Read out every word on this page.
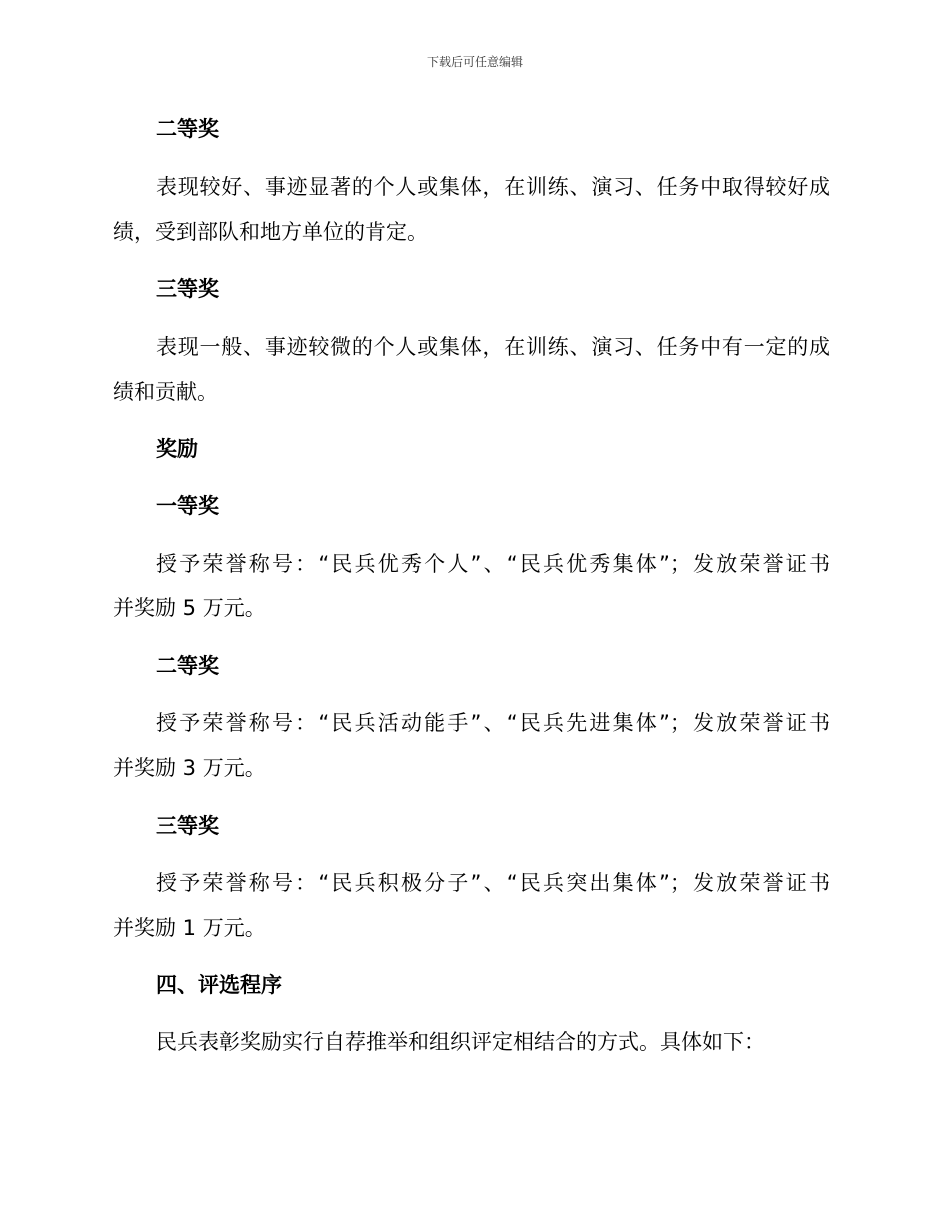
下载后可任意编辑
二等奖
表现较好、事迹显著的个人或集体，在训练、演习、任务中取得较好成
绩，受到部队和地方单位的肯定。
三等奖
表现一般、事迹较微的个人或集体，在训练、演习、任务中有一定的成
绩和贡献。
奖励
一等奖
授予荣誉称号：“民兵优秀个人”、“民兵优秀集体”；发放荣誉证书
并奖励 5 万元。
二等奖
授予荣誉称号：“民兵活动能手”、“民兵先进集体”；发放荣誉证书
并奖励 3 万元。
三等奖
授予荣誉称号：“民兵积极分子”、“民兵突出集体”；发放荣誉证书
并奖励 1 万元。
四、评选程序
民兵表彰奖励实行自荐推举和组织评定相结合的方式。具体如下：
